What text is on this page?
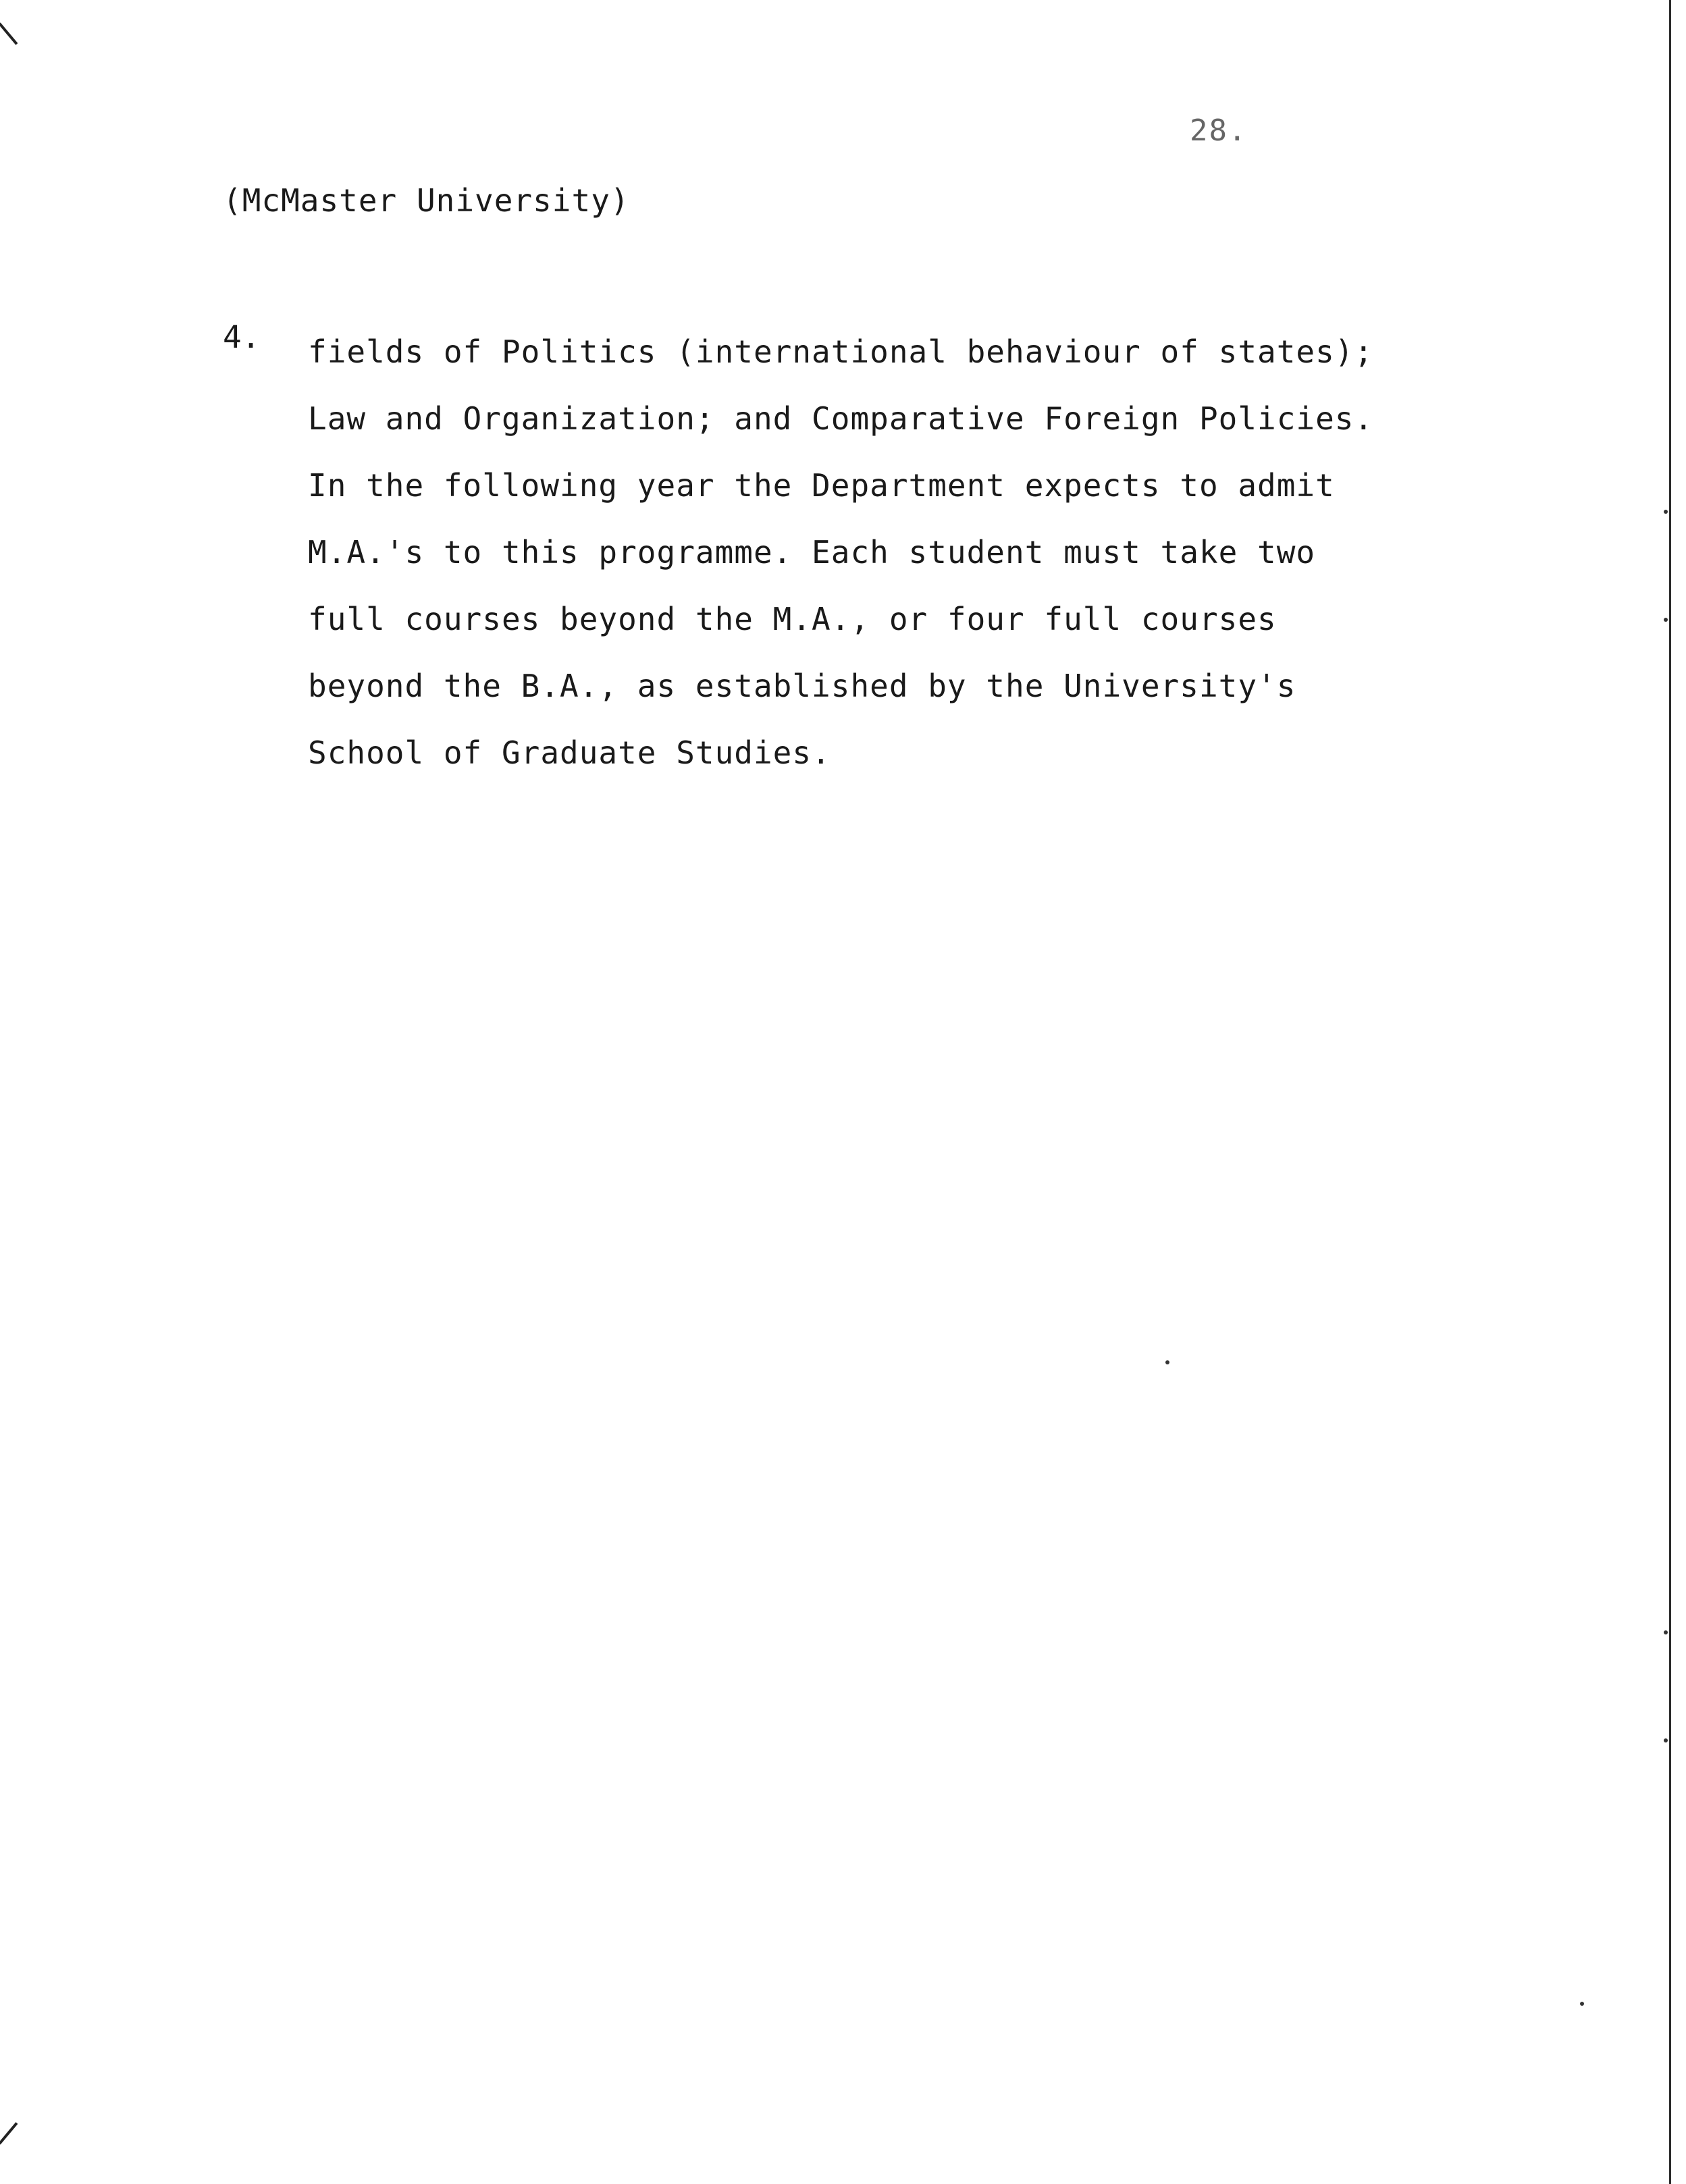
28.
(McMaster University)
4. fields of Politics (international behaviour of states);
Law and Organization; and Comparative Foreign Policies.
In the following year the Department expects to admit
M.A.'s to this programme. Each student must take two
full courses beyond the M.A., or four full courses
beyond the B.A., as established by the University's
School of Graduate Studies.
